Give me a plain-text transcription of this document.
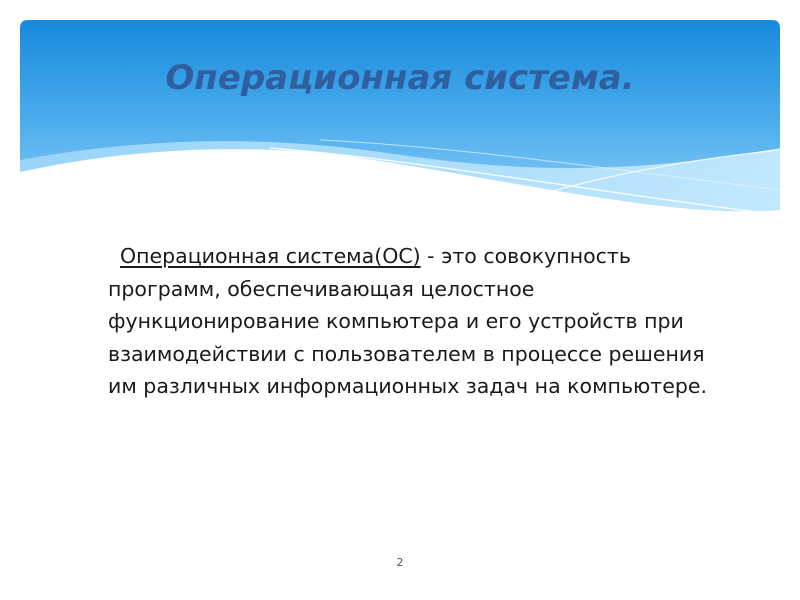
Операционная система.

Операционная система(ОС) - это совокупность программ, обеспечивающая целостное функционирование компьютера и его устройств при взаимодействии с пользователем в процессе решения им различных информационных задач на компьютере.

2
